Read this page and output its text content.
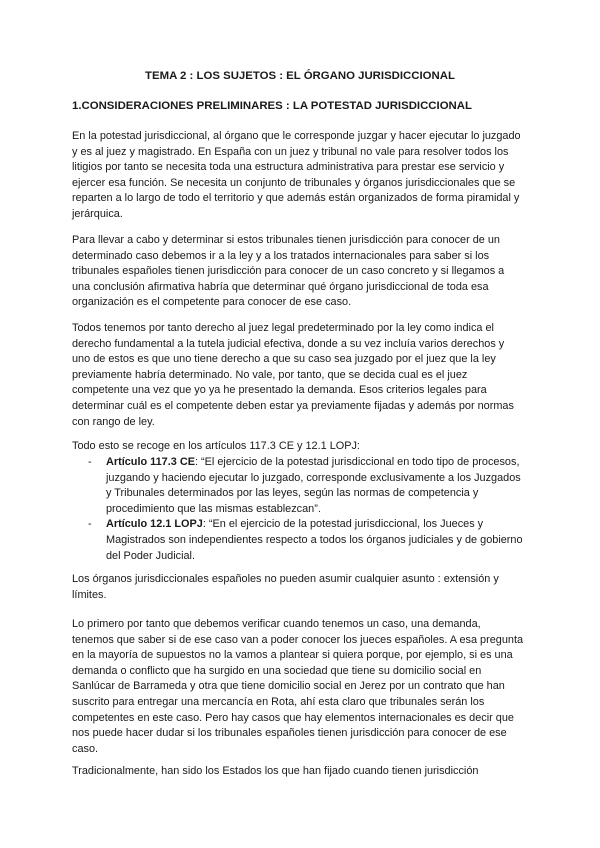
TEMA 2 : LOS SUJETOS : EL ÓRGANO JURISDICCIONAL
1.CONSIDERACIONES PRELIMINARES : LA POTESTAD JURISDICCIONAL

En la potestad jurisdiccional, al órgano que le corresponde juzgar y hacer ejecutar lo juzgado y es al juez y magistrado. En España con un juez y tribunal no vale para resolver todos los litigios por tanto se necesita toda una estructura administrativa para prestar ese servicio y ejercer esa función. Se necesita un conjunto de tribunales y órganos jurisdiccionales que se reparten a lo largo de todo el territorio y que además están organizados de forma piramidal y jerárquica.

Para llevar a cabo y determinar si estos tribunales tienen jurisdicción para conocer de un determinado caso debemos ir a la ley y a los tratados internacionales para saber si los tribunales españoles tienen jurisdicción para conocer de un caso concreto y si llegamos a una conclusión afirmativa habría que determinar qué órgano jurisdiccional de toda esa organización es el competente para conocer de ese caso.

Todos tenemos por tanto derecho al juez legal predeterminado por la ley como indica el derecho fundamental a la tutela judicial efectiva, donde a su vez incluía varios derechos y uno de estos es que uno tiene derecho a que su caso sea juzgado por el juez que la ley previamente habría determinado. No vale, por tanto, que se decida cual es el juez competente una vez que yo ya he presentado la demanda. Esos criterios legales para determinar cuál es el competente deben estar ya previamente fijadas y además por normas con rango de ley.

Todo esto se recoge en los artículos 117.3 CE y 12.1 LOPJ:

- Artículo 117.3 CE: “El ejercicio de la potestad jurisdiccional en todo tipo de procesos, juzgando y haciendo ejecutar lo juzgado, corresponde exclusivamente a los Juzgados y Tribunales determinados por las leyes, según las normas de competencia y procedimiento que las mismas establezcan”.
- Artículo 12.1 LOPJ: “En el ejercicio de la potestad jurisdiccional, los Jueces y Magistrados son independientes respecto a todos los órganos judiciales y de gobierno del Poder Judicial.

Los órganos jurisdiccionales españoles no pueden asumir cualquier asunto : extensión y límites.

Lo primero por tanto que debemos verificar cuando tenemos un caso, una demanda, tenemos que saber si de ese caso van a poder conocer los jueces españoles. A esa pregunta en la mayoría de supuestos no la vamos a plantear si quiera porque, por ejemplo, si es una demanda o conflicto que ha surgido en una sociedad que tiene su domicilio social en Sanlúcar de Barrameda y otra que tiene domicilio social en Jerez por un contrato que han suscrito para entregar una mercancía en Rota, ahí esta claro que tribunales serán los competentes en este caso. Pero hay casos que hay elementos internacionales es decir que nos puede hacer dudar si los tribunales españoles tienen jurisdicción para conocer de ese caso.

Tradicionalmente, han sido los Estados los que han fijado cuando tienen jurisdicción
